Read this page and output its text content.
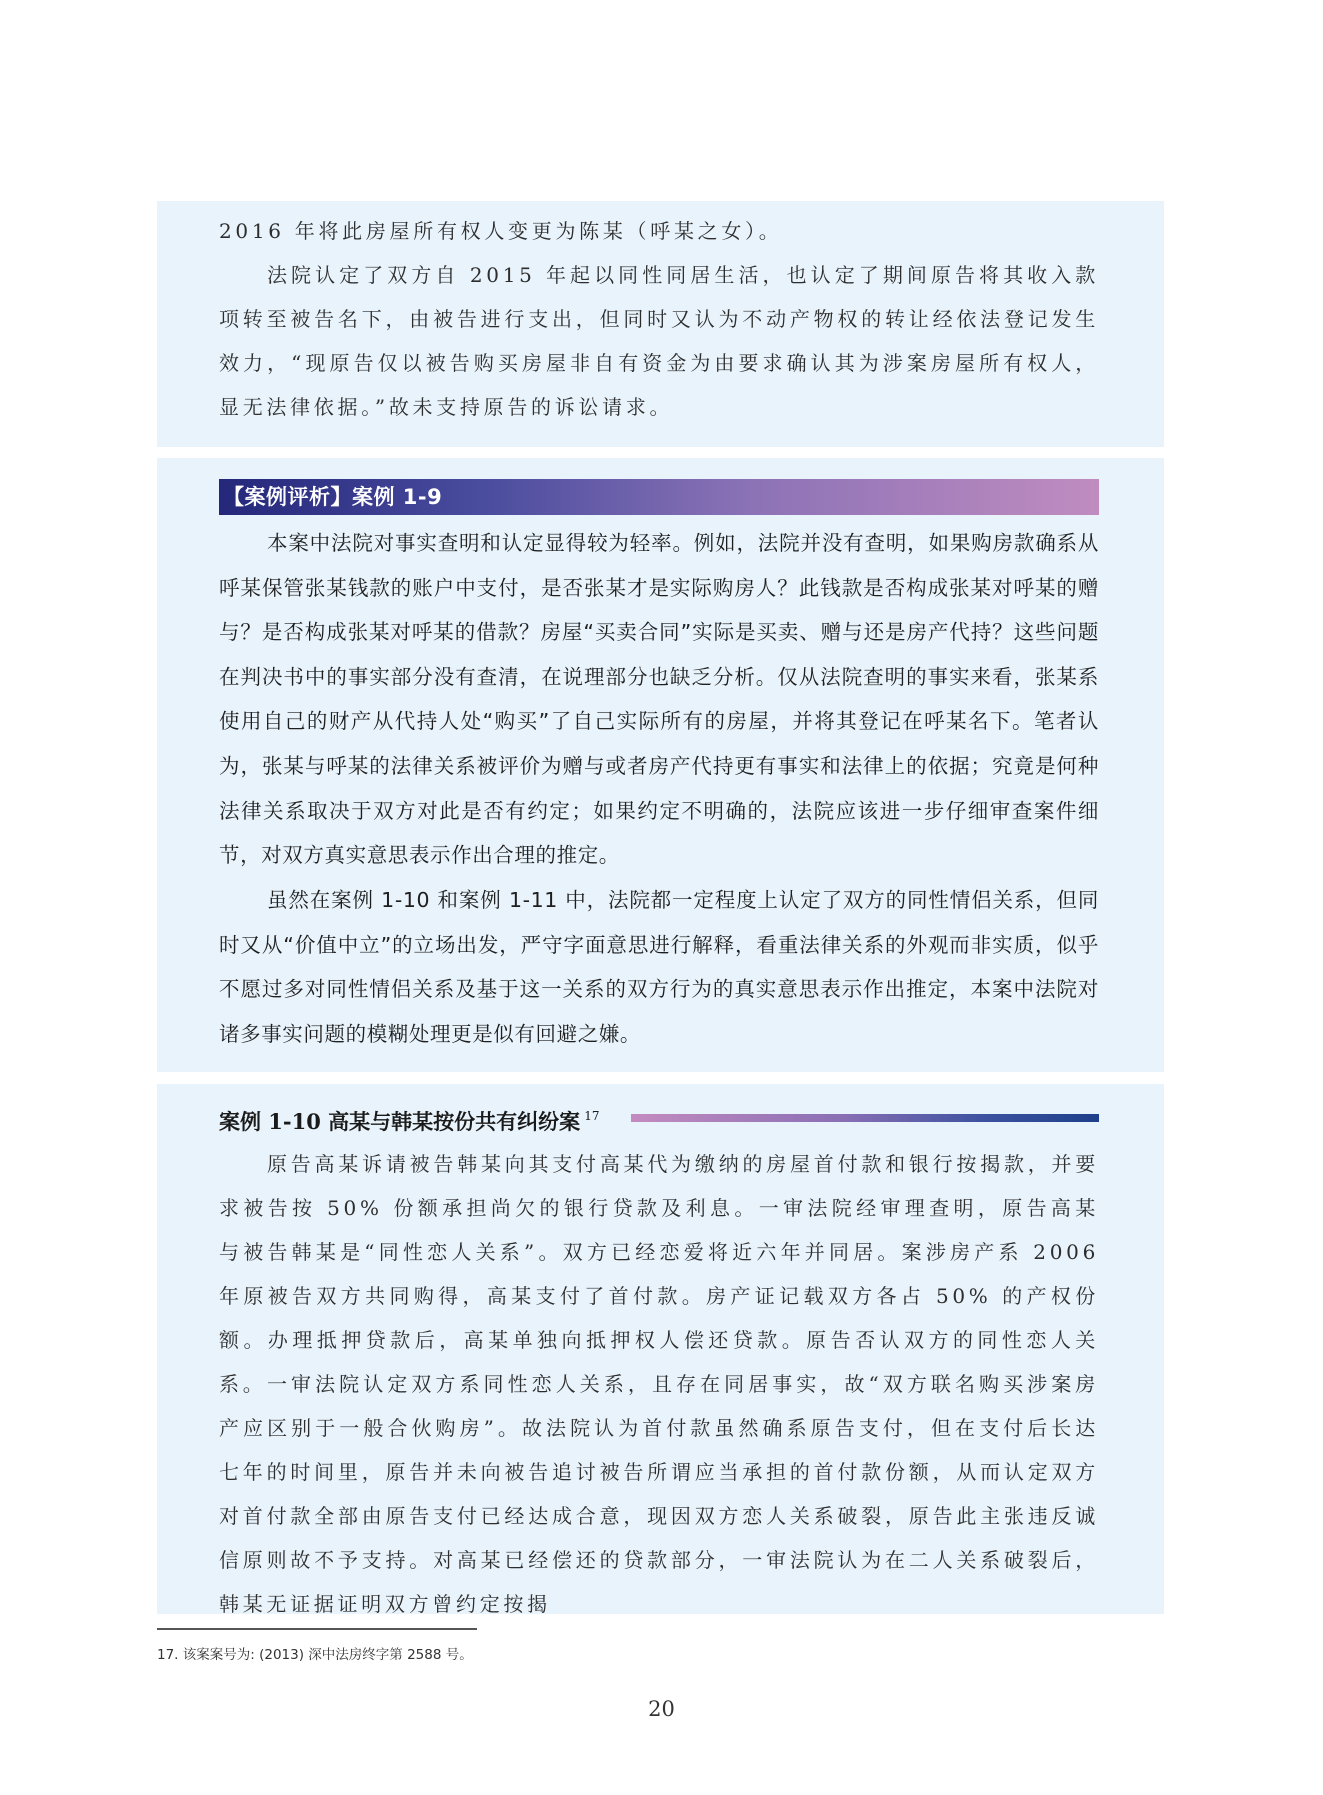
2016 年将此房屋所有权人变更为陈某（呼某之女）。

法院认定了双方自 2015 年起以同性同居生活，也认定了期间原告将其收入款项转至被告名下，由被告进行支出，但同时又认为不动产物权的转让经依法登记发生效力，“现原告仅以被告购买房屋非自有资金为由要求确认其为涉案房屋所有权人，显无法律依据。”故未支持原告的诉讼请求。

【案例评析】案例 1-9

本案中法院对事实查明和认定显得较为轻率。例如，法院并没有查明，如果购房款确系从呼某保管张某钱款的账户中支付，是否张某才是实际购房人？此钱款是否构成张某对呼某的赠与？是否构成张某对呼某的借款？房屋“买卖合同”实际是买卖、赠与还是房产代持？这些问题在判决书中的事实部分没有查清，在说理部分也缺乏分析。仅从法院查明的事实来看，张某系使用自己的财产从代持人处“购买”了自己实际所有的房屋，并将其登记在呼某名下。笔者认为，张某与呼某的法律关系被评价为赠与或者房产代持更有事实和法律上的依据；究竟是何种法律关系取决于双方对此是否有约定；如果约定不明确的，法院应该进一步仔细审查案件细节，对双方真实意思表示作出合理的推定。

虽然在案例 1-10 和案例 1-11 中，法院都一定程度上认定了双方的同性情侣关系，但同时又从“价值中立”的立场出发，严守字面意思进行解释，看重法律关系的外观而非实质，似乎不愿过多对同性情侣关系及基于这一关系的双方行为的真实意思表示作出推定，本案中法院对诸多事实问题的模糊处理更是似有回避之嫌。

案例 1-10 高某与韩某按份共有纠纷案 $^{17}$

原告高某诉请被告韩某向其支付高某代为缴纳的房屋首付款和银行按揭款，并要求被告按 50% 份额承担尚欠的银行贷款及利息。一审法院经审理查明，原告高某与被告韩某是“同性恋人关系”。双方已经恋爱将近六年并同居。案涉房产系 2006 年原被告双方共同购得，高某支付了首付款。房产证记载双方各占 50% 的产权份额。办理抵押贷款后，高某单独向抵押权人偿还贷款。原告否认双方的同性恋人关系。 一审法院认定双方系同性恋人关系，且存在同居事实，故“双方联名购买涉案房产应区别于一般合伙购房”。故法院认为首付款虽然确系原告支付，但在支付后长达七年的时间里，原告并未向被告追讨被告所谓应当承担的首付款份额，从而认定双方对首付款全部由原告支付已经达成合意，现因双方恋人关系破裂，原告此主张违反诚信原则故不予支持。对高某已经偿还的贷款部分，一审法院认为在二人关系破裂后，韩某无证据证明双方曾约定按揭

17. 该案案号为: (2013) 深中法房终字第 2588 号。
20
